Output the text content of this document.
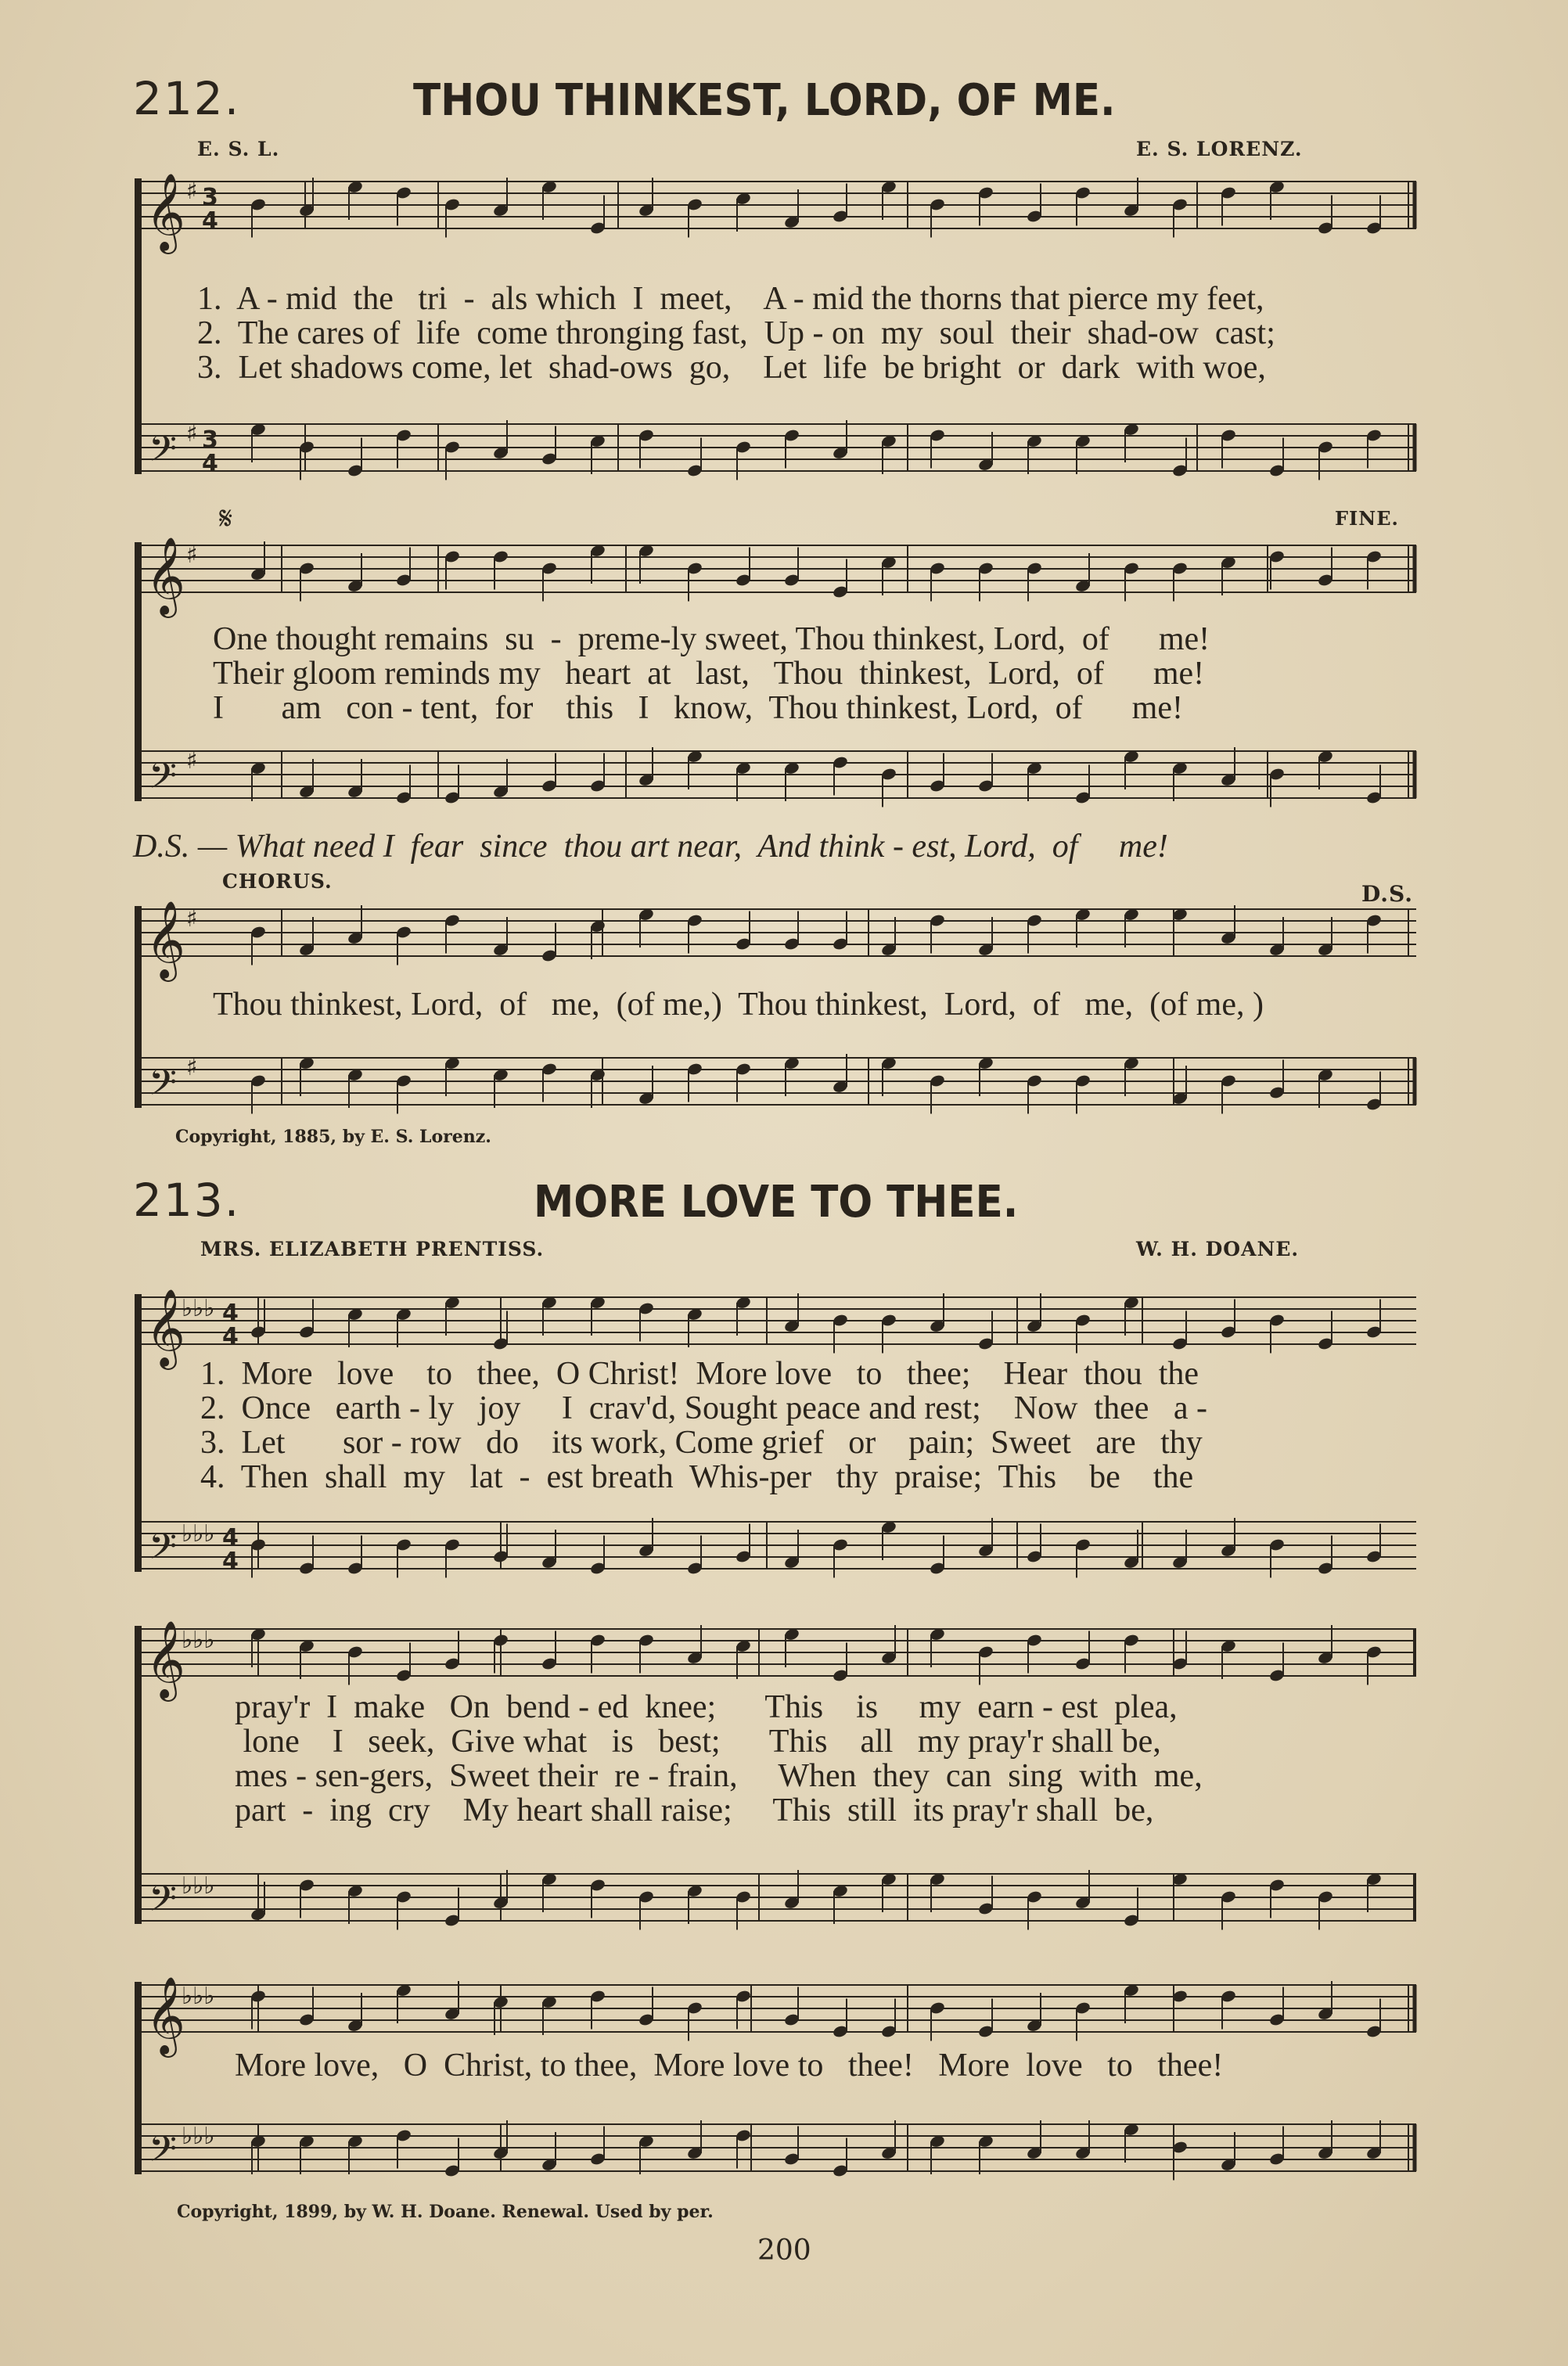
212.	THOU THINKEST, LORD, OF ME.
E. S. L.	E. S. LORENZ.
𝄞
𝄢
𝄞
𝄢
𝄞
𝄢
𝄞
𝄢
𝄞
𝄢
𝄞
𝄢
♯ 3
4
♯ 3
4
♯
♯
♯
♯
♭♭♭ 4
4
♭♭♭ 4
4
♭♭♭
♭♭♭
♭♭♭
♭♭♭
1.  A - mid  the   tri  -  als which  I  meet,    A - mid the thorns that pierce my feet,
2.  The cares of  life  come thronging fast,  Up - on  my  soul  their  shad-ow  cast;
3.  Let shadows come, let  shad-ows  go,    Let  life  be bright  or  dark  with woe,
𝄋	FINE.
One thought remains  su  -  preme-ly sweet, Thou thinkest, Lord,  of      me!
Their gloom reminds my   heart  at   last,   Thou  thinkest,  Lord,  of      me!
I       am   con - tent,  for    this   I   know,  Thou thinkest, Lord,  of      me!
D.S. — What need I  fear  since  thou art near,  And think - est, Lord,  of     me!
CHORUS.	D.S.
Thou thinkest, Lord,  of   me,  (of me,)  Thou thinkest,  Lord,  of   me,  (of me, )
Copyright, 1885, by E. S. Lorenz.
213.	MORE LOVE TO THEE.
MRS. ELIZABETH PRENTISS.	W. H. DOANE.
1.  More   love    to   thee,  O Christ!  More love   to   thee;    Hear  thou  the
2.  Once   earth - ly   joy     I  crav'd, Sought peace and rest;    Now  thee   a -
3.  Let       sor - row   do    its work, Come grief   or    pain;  Sweet   are   thy
4.  Then  shall  my   lat  -  est breath  Whis-per   thy  praise;  This    be    the
pray'r  I  make   On  bend - ed  knee;      This    is     my  earn - est  plea,
lone    I   seek,  Give what   is   best;      This    all   my pray'r shall be,
mes - sen-gers,  Sweet their  re - frain,     When  they  can  sing  with  me,
part  -  ing  cry    My heart shall raise;     This  still  its pray'r shall  be,
More love,   O  Christ, to thee,  More love to   thee!   More  love   to   thee!
Copyright, 1899, by W. H. Doane. Renewal. Used by per.
200
